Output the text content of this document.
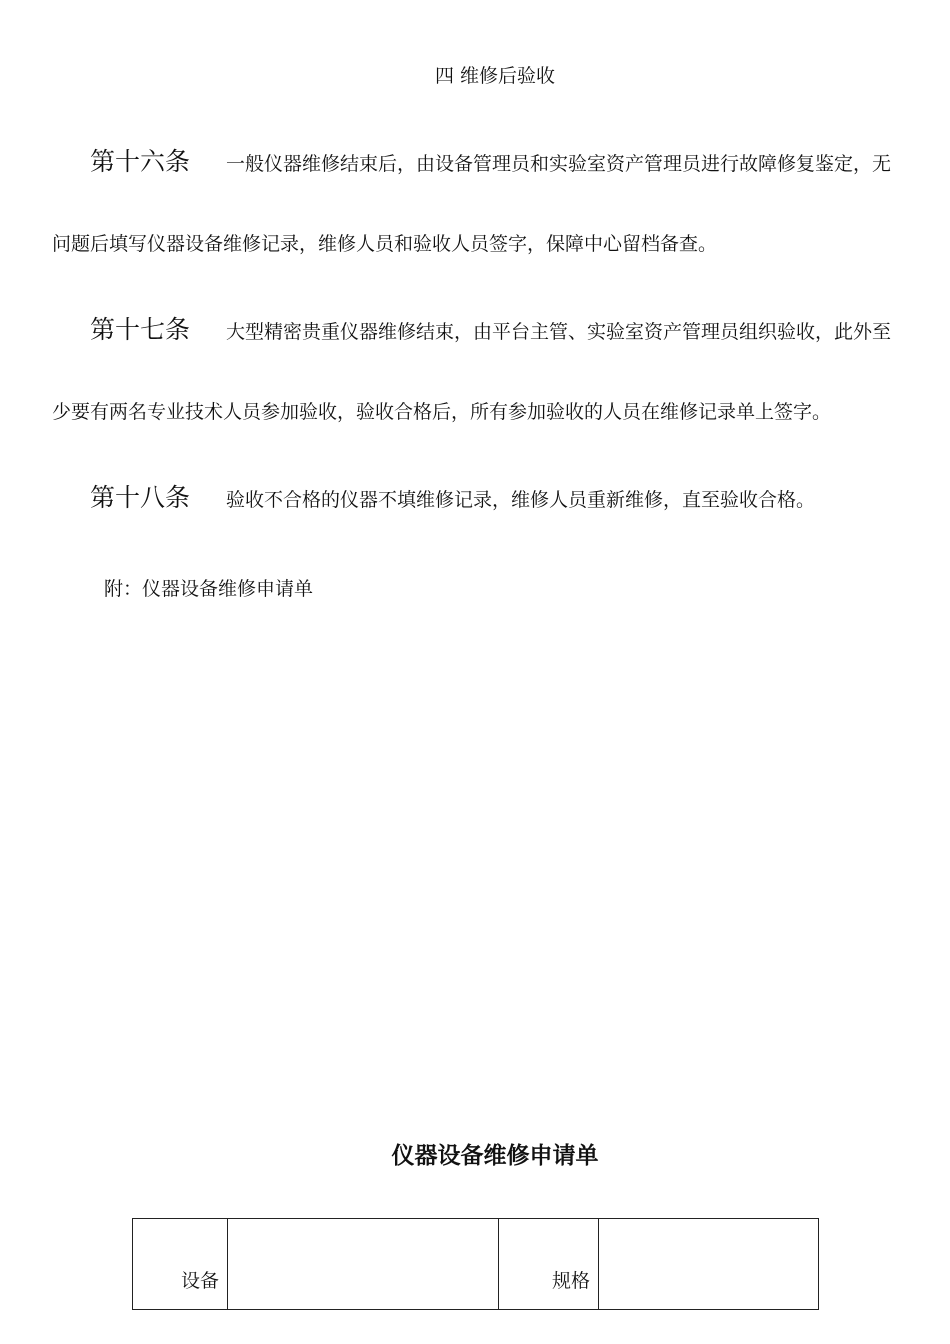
四 维修后验收
第十六条 一般仪器维修结束后，由设备管理员和实验室资产管理员进行故障修复鉴定，无
问题后填写仪器设备维修记录，维修人员和验收人员签字，保障中心留档备查。
第十七条 大型精密贵重仪器维修结束，由平台主管、实验室资产管理员组织验收，此外至
少要有两名专业技术人员参加验收，验收合格后，所有参加验收的人员在维修记录单上签字。
第十八条 验收不合格的仪器不填维修记录，维修人员重新维修，直至验收合格。
附：仪器设备维修申请单
仪器设备维修申请单
设备		规格	
